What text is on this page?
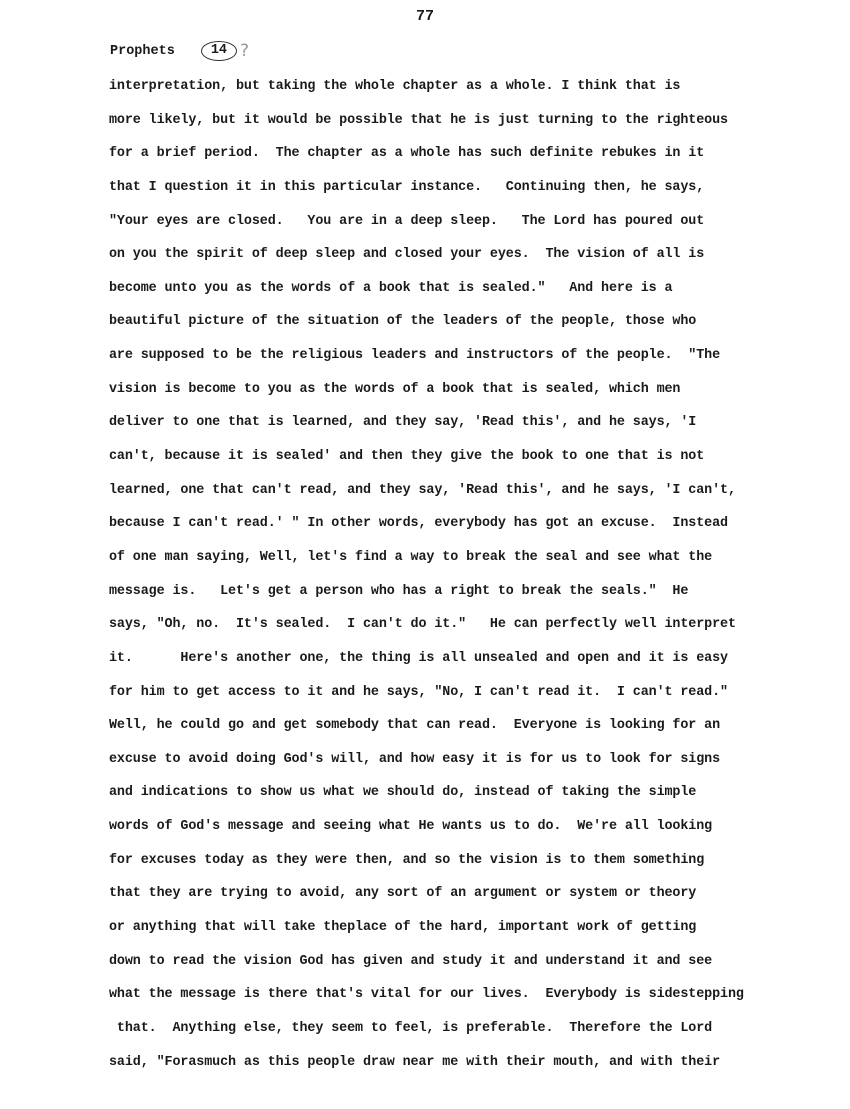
77
Prophets	14 ?
interpretation, but taking the whole chapter as a whole. I think that is
more likely, but it would be possible that he is just turning to the righteous
for a brief period.  The chapter as a whole has such definite rebukes in it
that I question it in this particular instance.   Continuing then, he says,
"Your eyes are closed.   You are in a deep sleep.   The Lord has poured out
on you the spirit of deep sleep and closed your eyes.  The vision of all is
become unto you as the words of a book that is sealed."   And here is a
beautiful picture of the situation of the leaders of the people, those who
are supposed to be the religious leaders and instructors of the people.  "The
vision is become to you as the words of a book that is sealed, which men
deliver to one that is learned, and they say, 'Read this', and he says, 'I
can't, because it is sealed' and then they give the book to one that is not
learned, one that can't read, and they say, 'Read this', and he says, 'I can't,
because I can't read.' " In other words, everybody has got an excuse.  Instead
of one man saying, Well, let's find a way to break the seal and see what the
message is.   Let's get a person who has a right to break the seals."  He
says, "Oh, no.  It's sealed.  I can't do it."   He can perfectly well interpret
it.      Here's another one, the thing is all unsealed and open and it is easy
for him to get access to it and he says, "No, I can't read it.  I can't read."
Well, he could go and get somebody that can read.  Everyone is looking for an
excuse to avoid doing God's will, and how easy it is for us to look for signs
and indications to show us what we should do, instead of taking the simple
words of God's message and seeing what He wants us to do.  We're all looking
for excuses today as they were then, and so the vision is to them something
that they are trying to avoid, any sort of an argument or system or theory
or anything that will take theplace of the hard, important work of getting
down to read the vision God has given and study it and understand it and see
what the message is there that's vital for our lives.  Everybody is sidestepping
that.  Anything else, they seem to feel, is preferable.  Therefore the Lord
said, "Forasmuch as this people draw near me with their mouth, and with their
